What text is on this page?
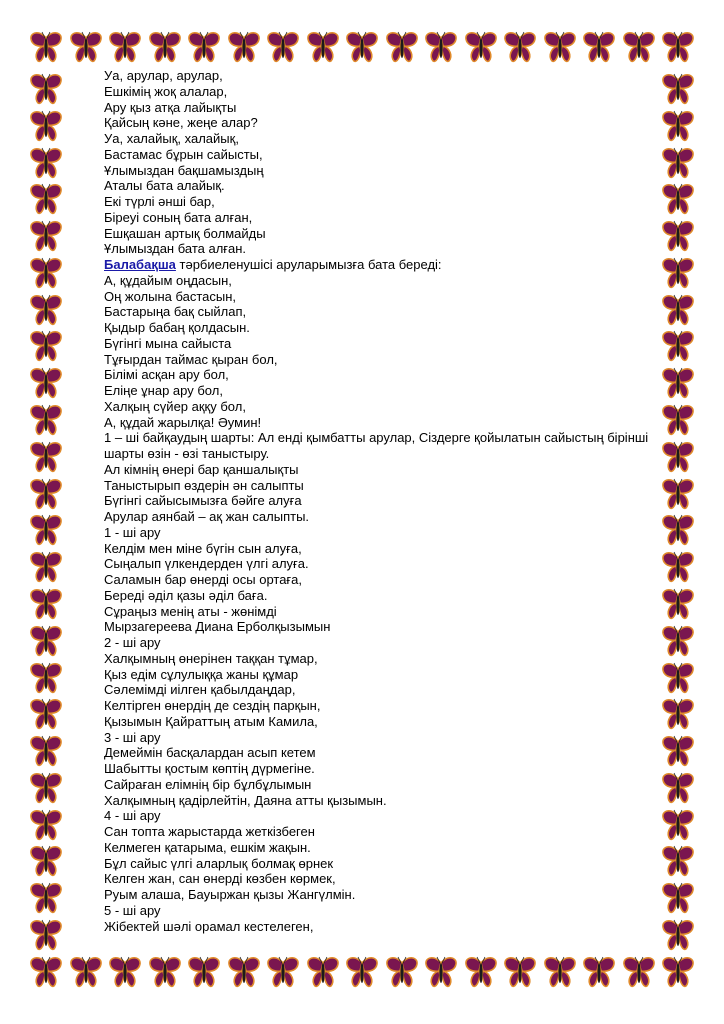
Уа, арулар, арулар,
Ешкімің жоқ алалар,
Ару қыз атқа лайықты
Қайсың кәне, жеңе алар?
Уа, халайық, халайық,
Бастамас бұрын сайысты,
Ұлымыздан бақшамыздың
Аталы бата алайық.
Екі түрлі әнші бар,
Біреуі соның бата алған,
Ешқашан артық болмайды
Ұлымыздан бата алған.
Балабақша тәрбиеленушісі аруларымызға бата береді:
А, құдайым оңдасын,
Оң жолына бастасын,
Бастарыңа бақ сыйлап,
Қыдыр бабаң қолдасын.
Бүгінгі мына сайыста
Тұғырдан таймас қыран бол,
Білімі асқан ару бол,
Еліңе ұнар ару бол,
Халқың сүйер аққу бол,
А, құдай жарылқа! Әумин!
1 – ші байқаудың шарты: Ал енді қымбатты арулар, Сіздерге қойылатын сайыстың бірінші шарты өзін - өзі таныстыру.
Ал кімнің өнері бар қаншалықты
Таныстырып өздерін ән салыпты
Бүгінгі сайысымызға бәйге алуға
Арулар аянбай – ақ жан салыпты.
1 - ші ару
Келдім мен міне бүгін сын алуға,
Сыңалып үлкендерден үлгі алуға.
Саламын бар өнерді осы ортаға,
Береді әділ қазы әділ баға.
Сұраңыз менің аты - жөнімді
Мырзагереева Диана Ерболқызымын
2 - ші ару
Халқымның өнерінен таққан тұмар,
Қыз едім сұлулыққа жаны құмар
Сәлемімді иілген қабылдаңдар,
Келтірген өнердің де сездің парқын,
Қызымын Қайраттың атым Камила,
3 - ші ару
Демеймін басқалардан асып кетем
Шабытты қостым көптің дүрмегіне.
Сайраған елімнің бір бұлбұлымын
Халқымның қадірлейтін, Даяна атты қызымын.
4 - ші ару
Сан топта жарыстарда жеткізбеген
Келмеген қатарыма, ешкім жақын.
Бұл сайыс үлгі аларлық болмақ өрнек
Келген жан, сан өнерді көзбен көрмек,
Руым алаша, Бауыржан қызы Жангүлмін.
5 - ші ару
Жібектей шәлі орамал кестелеген,
